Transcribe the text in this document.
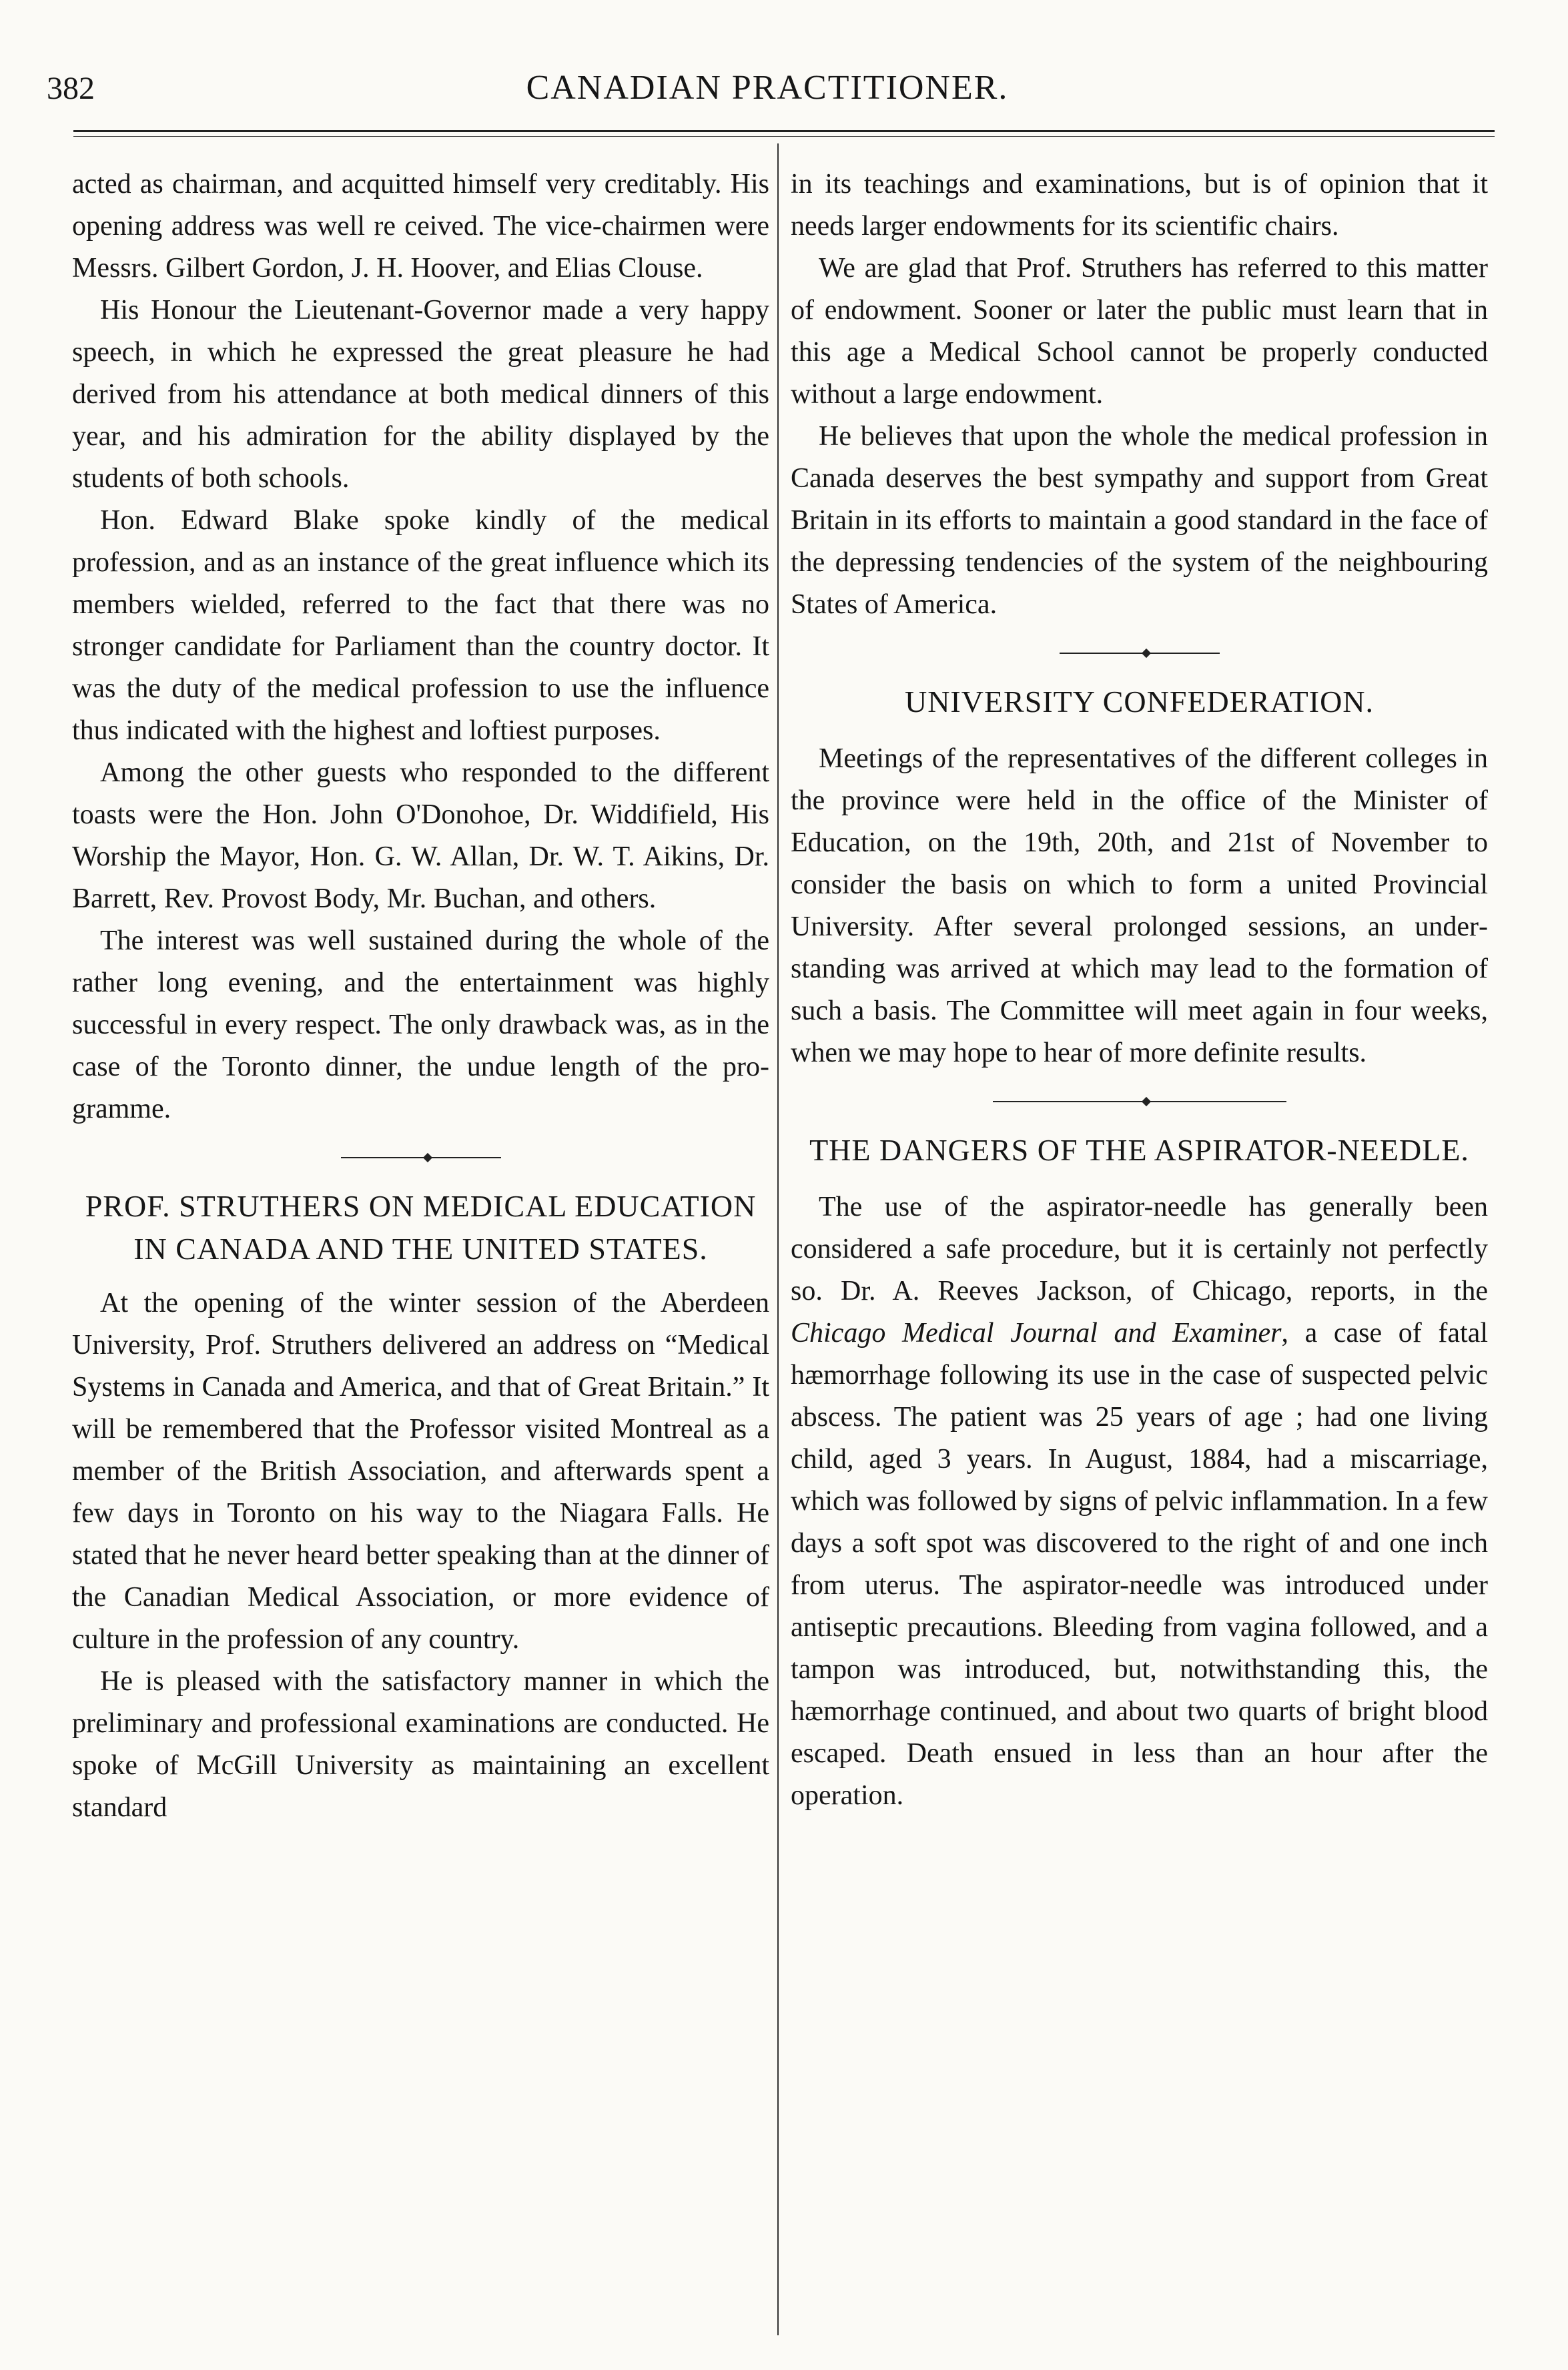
382	CANADIAN PRACTITIONER.

acted as chairman, and acquitted himself very creditably. His opening address was well re ceived. The vice-chairmen were Messrs. Gilbert Gordon, J. H. Hoover, and Elias Clouse.

His Honour the Lieutenant-Governor made a very happy speech, in which he expressed the great pleasure he had derived from his attendance at both medical dinners of this year, and his admiration for the ability displayed by the students of both schools.

Hon. Edward Blake spoke kindly of the medical profession, and as an instance of the great influence which its members wielded, referred to the fact that there was no stronger candidate for Parliament than the country doctor. It was the duty of the medical profession to use the influence thus indicated with the highest and loftiest purposes.

Among the other guests who responded to the different toasts were the Hon. John O'Donohoe, Dr. Widdifield, His Worship the Mayor, Hon. G. W. Allan, Dr. W. T. Aikins, Dr. Barrett, Rev. Provost Body, Mr. Buchan, and others.

The interest was well sustained during the whole of the rather long evening, and the entertainment was highly successful in every respect. The only drawback was, as in the case of the Toronto dinner, the undue length of the programme.

PROF. STRUTHERS ON MEDICAL EDUCATION IN CANADA AND THE UNITED STATES.

At the opening of the winter session of the Aberdeen University, Prof. Struthers delivered an address on “Medical Systems in Canada and America, and that of Great Britain.” It will be remembered that the Professor visited Montreal as a member of the British Association, and afterwards spent a few days in Toronto on his way to the Niagara Falls. He stated that he never heard better speaking than at the dinner of the Canadian Medical Association, or more evidence of culture in the profession of any country.

He is pleased with the satisfactory manner in which the preliminary and professional examinations are conducted. He spoke of McGill University as maintaining an excellent standard

in its teachings and examinations, but is of opinion that it needs larger endowments for its scientific chairs.

We are glad that Prof. Struthers has referred to this matter of endowment. Sooner or later the public must learn that in this age a Medical School cannot be properly conducted without a large endowment.

He believes that upon the whole the medical profession in Canada deserves the best sympathy and support from Great Britain in its efforts to maintain a good standard in the face of the depressing tendencies of the system of the neighbouring States of America.

UNIVERSITY CONFEDERATION.

Meetings of the representatives of the different colleges in the province were held in the office of the Minister of Education, on the 19th, 20th, and 21st of November to consider the basis on which to form a united Provincial University. After several prolonged sessions, an understanding was arrived at which may lead to the formation of such a basis. The Committee will meet again in four weeks, when we may hope to hear of more definite results.

THE DANGERS OF THE ASPIRATOR-NEEDLE.

The use of the aspirator-needle has generally been considered a safe procedure, but it is certainly not perfectly so. Dr. A. Reeves Jackson, of Chicago, reports, in the Chicago Medical Journal and Examiner, a case of fatal hæmorrhage following its use in the case of suspected pelvic abscess. The patient was 25 years of age ; had one living child, aged 3 years. In August, 1884, had a miscarriage, which was followed by signs of pelvic inflammation. In a few days a soft spot was discovered to the right of and one inch from uterus. The aspirator-needle was introduced under antiseptic precautions. Bleeding from vagina followed, and a tampon was introduced, but, notwithstanding this, the hæmorrhage continued, and about two quarts of bright blood escaped. Death ensued in less than an hour after the operation.
